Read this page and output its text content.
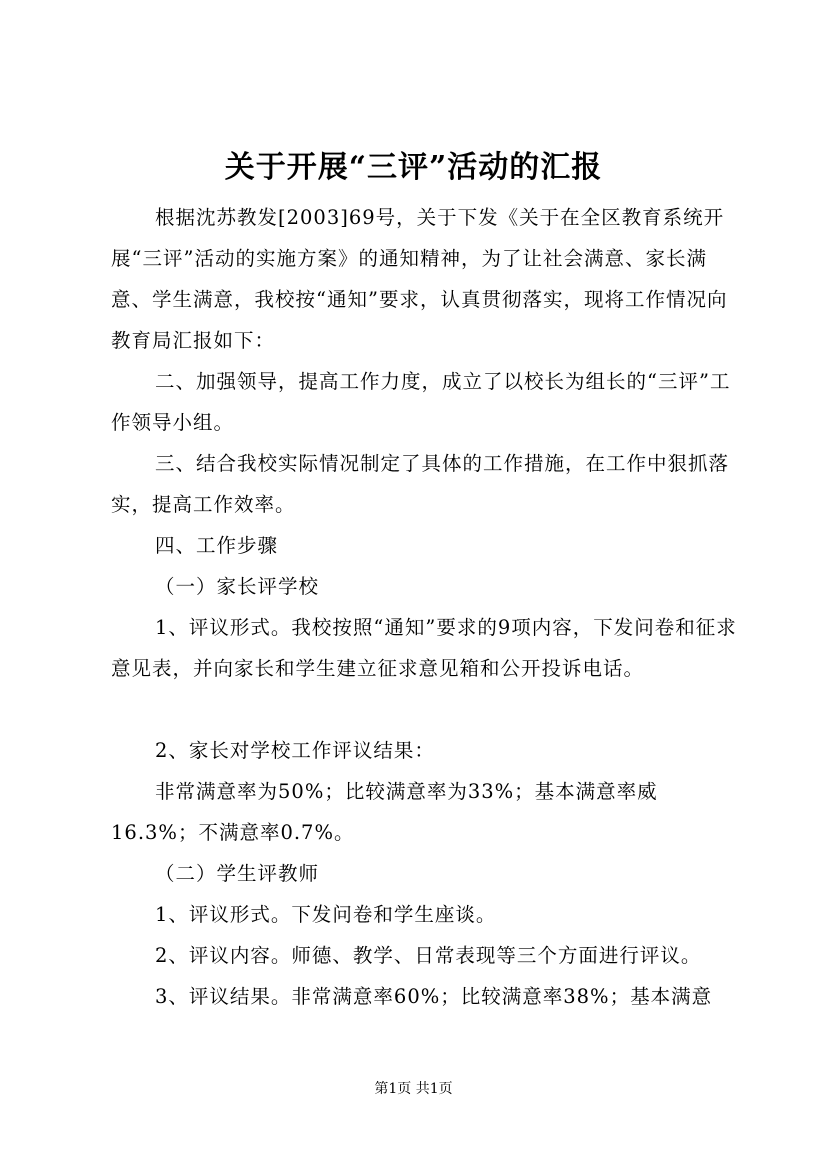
关于开展“三评”活动的汇报

根据沈苏教发[2003]69号，关于下发《关于在全区教育系统开展“三评”活动的实施方案》的通知精神，为了让社会满意、家长满意、学生满意，我校按“通知”要求，认真贯彻落实，现将工作情况向教育局汇报如下：

二、加强领导，提高工作力度，成立了以校长为组长的“三评”工作领导小组。

三、结合我校实际情况制定了具体的工作措施，在工作中狠抓落实，提高工作效率。

四、工作步骤

（一）家长评学校

1、评议形式。我校按照“通知”要求的9项内容，下发问卷和征求意见表，并向家长和学生建立征求意见箱和公开投诉电话。

2、家长对学校工作评议结果：

非常满意率为50%；比较满意率为33%；基本满意率威16.3%；不满意率0.7%。

（二）学生评教师

1、评议形式。下发问卷和学生座谈。

2、评议内容。师德、教学、日常表现等三个方面进行评议。

3、评议结果。非常满意率60%；比较满意率38%；基本满意

第1页 共1页
